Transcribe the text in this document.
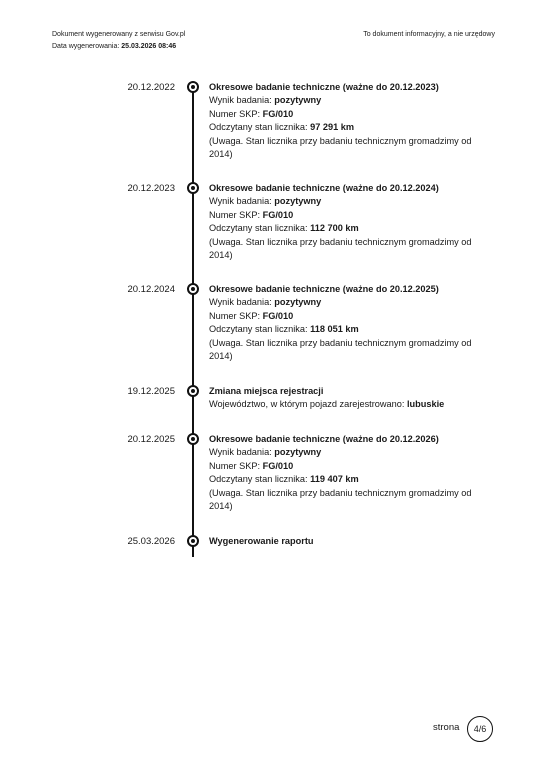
Dokument wygenerowany z serwisu Gov.pl
Data wygenerowania: 25.03.2026 08:46
To dokument informacyjny, a nie urzędowy
20.12.2022	Okresowe badanie techniczne (ważne do 20.12.2023)
Wynik badania: pozytywny
Numer SKP: FG/010
Odczytany stan licznika: 97 291 km
(Uwaga. Stan licznika przy badaniu technicznym gromadzimy od 2014)
20.12.2023	Okresowe badanie techniczne (ważne do 20.12.2024)
Wynik badania: pozytywny
Numer SKP: FG/010
Odczytany stan licznika: 112 700 km
(Uwaga. Stan licznika przy badaniu technicznym gromadzimy od 2014)
20.12.2024	Okresowe badanie techniczne (ważne do 20.12.2025)
Wynik badania: pozytywny
Numer SKP: FG/010
Odczytany stan licznika: 118 051 km
(Uwaga. Stan licznika przy badaniu technicznym gromadzimy od 2014)
19.12.2025	Zmiana miejsca rejestracji
Województwo, w którym pojazd zarejestrowano: lubuskie
20.12.2025	Okresowe badanie techniczne (ważne do 20.12.2026)
Wynik badania: pozytywny
Numer SKP: FG/010
Odczytany stan licznika: 119 407 km
(Uwaga. Stan licznika przy badaniu technicznym gromadzimy od 2014)
25.03.2026	Wygenerowanie raportu
strona	4/6
